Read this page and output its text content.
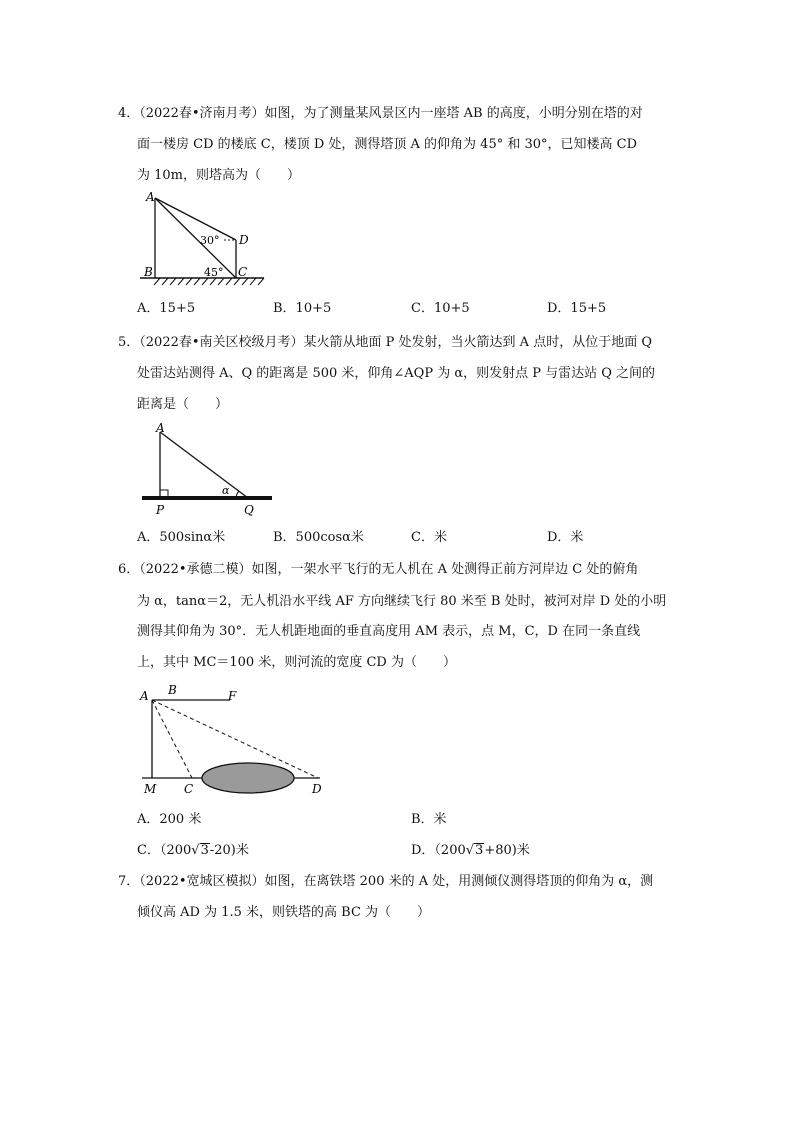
4．（2022春•济南月考）如图，为了测量某风景区内一座塔 AB 的高度，小明分别在塔的对
面一楼房 CD 的楼底 C，楼顶 D 处，测得塔顶 A 的仰角为 45° 和 30°，已知楼高 CD
为 10m，则塔高为（　　）
A
B	C
D
30°
45°
A．15+5	B．10+5	C．10+5	D．15+5
5．（2022春•南关区校级月考）某火箭从地面 P 处发射，当火箭达到 A 点时，从位于地面 Q
处雷达站测得 A、Q 的距离是 500 米，仰角∠AQP 为 α，则发射点 P 与雷达站 Q 之间的
距离是（　　）
A
P	Q
α
A．500sinα米	B．500cosα米	C．米	D．米
6．（2022•承德二模）如图，一架水平飞行的无人机在 A 处测得正前方河岸边 C 处的俯角
为 α，tanα＝2，无人机沿水平线 AF 方向继续飞行 80 米至 B 处时，被河对岸 D 处的小明
测得其仰角为 30°．无人机距地面的垂直高度用 AM 表示，点 M，C，D 在同一条直线
上，其中 MC＝100 米，则河流的宽度 CD 为（　　）
A B	F
M C	D
A．200 米	B．米
C．（200√3-20)米	D．（200√3+80)米
7．（2022•宽城区模拟）如图，在离铁塔 200 米的 A 处，用测倾仪测得塔顶的仰角为 α，测
倾仪高 AD 为 1.5 米，则铁塔的高 BC 为（　　）
